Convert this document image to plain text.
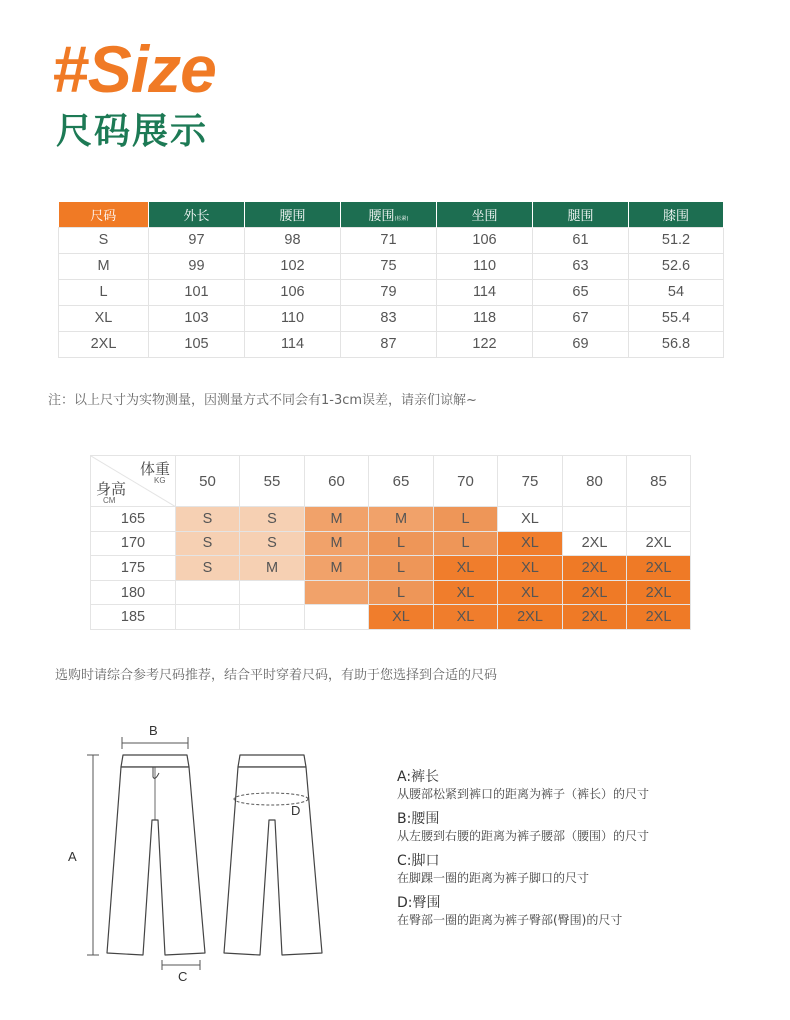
#Size
尺码展示
尺码	外长	腰围	腰围(松紧)	坐围	腿围	膝围
S	97	98	71	106	61	51.2
M	99	102	75	110	63	52.6
L	101	106	79	114	65	54
XL	103	110	83	118	67	55.4
2XL	105	114	87	122	69	56.8
注：以上尺寸为实物测量，因测量方式不同会有1-3cm误差，请亲们谅解~
体重
KG
身高
CM	50	55	60	65	70	75	80	85
165	S	S	M	M	L	XL		
170	S	S	M	L	L	XL	2XL	2XL
175	S	M	M	L	XL	XL	2XL	2XL
180				L	XL	XL	2XL	2XL
185				XL	XL	2XL	2XL	2XL
选购时请综合参考尺码推荐，结合平时穿着尺码，有助于您选择到合适的尺码
A
B
C
D
A:裤长
从腰部松紧到裤口的距离为裤子（裤长）的尺寸
B:腰围
从左腰到右腰的距离为裤子腰部（腰围）的尺寸
C:脚口
在脚踝一圈的距离为裤子脚口的尺寸
D:臀围
在臀部一圈的距离为裤子臀部(臀围)的尺寸
